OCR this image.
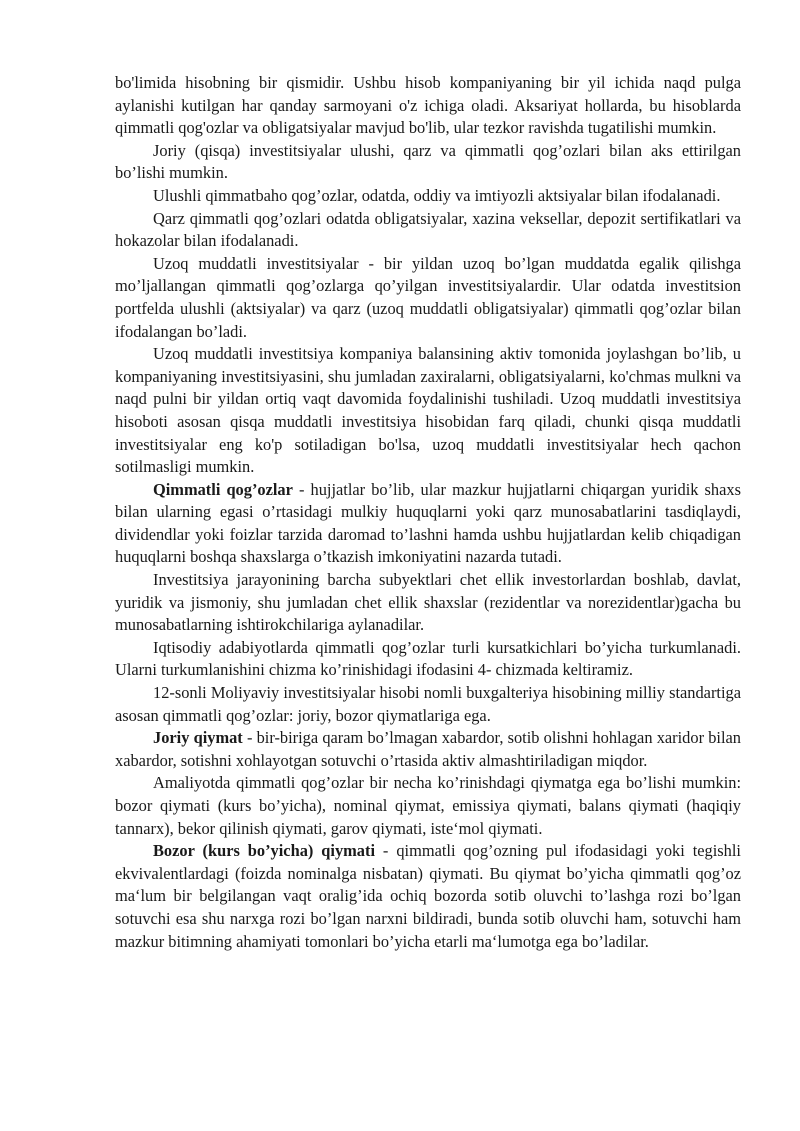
bo'limida hisobning bir qismidir. Ushbu hisob kompaniyaning bir yil ichida naqd pulga aylanishi kutilgan har qanday sarmoyani o'z ichiga oladi. Aksariyat hollarda, bu hisoblarda qimmatli qog'ozlar va obligatsiyalar mavjud bo'lib, ular tezkor ravishda tugatilishi mumkin.

Joriy (qisqa) investitsiyalar ulushi, qarz va qimmatli qog’ozlari bilan aks ettirilgan bo’lishi mumkin.

Ulushli qimmatbaho qog’ozlar, odatda, oddiy va imtiyozli aktsiyalar bilan ifodalanadi.

Qarz qimmatli qog’ozlari odatda obligatsiyalar, xazina veksellar, depozit sertifikatlari va hokazolar bilan ifodalanadi.

Uzoq muddatli investitsiyalar - bir yildan uzoq bo’lgan muddatda egalik qilishga mo’ljallangan qimmatli qog’ozlarga qo’yilgan investitsiyalardir. Ular odatda investitsion portfelda ulushli (aktsiyalar) va qarz (uzoq muddatli obligatsiyalar) qimmatli qog’ozlar bilan ifodalangan bo’ladi.

Uzoq muddatli investitsiya kompaniya balansining aktiv tomonida joylashgan bo’lib, u kompaniyaning investitsiyasini, shu jumladan zaxiralarni, obligatsiyalarni, ko'chmas mulkni va naqd pulni bir yildan ortiq vaqt davomida foydalinishi tushiladi. Uzoq muddatli investitsiya hisoboti asosan qisqa muddatli investitsiya hisobidan farq qiladi, chunki qisqa muddatli investitsiyalar eng ko'p sotiladigan bo'lsa, uzoq muddatli investitsiyalar hech qachon sotilmasligi mumkin.

Qimmatli qog’ozlar - hujjatlar bo’lib, ular mazkur hujjatlarni chiqargan yuridik shaxs bilan ularning egasi o’rtasidagi mulkiy huquqlarni yoki qarz munosabatlarini tasdiqlaydi, dividendlar yoki foizlar tarzida daromad to’lashni hamda ushbu hujjatlardan kelib chiqadigan huquqlarni boshqa shaxslarga o’tkazish imkoniyatini nazarda tutadi.

Investitsiya jarayonining barcha subyektlari chet ellik investorlardan boshlab, davlat, yuridik va jismoniy, shu jumladan chet ellik shaxslar (rezidentlar va norezidentlar)gacha bu munosabatlarning ishtirokchilariga aylanadilar.

Iqtisodiy adabiyotlarda qimmatli qog’ozlar turli kursatkichlari bo’yicha turkumlanadi. Ularni turkumlanishini chizma ko’rinishidagi ifodasini 4- chizmada keltiramiz.

12-sonli Moliyaviy investitsiyalar hisobi nomli buxgalteriya hisobining milliy standartiga asosan qimmatli qog’ozlar: joriy, bozor qiymatlariga ega.

Joriy qiymat - bir-biriga qaram bo’lmagan xabardor, sotib olishni hohlagan xaridor bilan xabardor, sotishni xohlayotgan sotuvchi o’rtasida aktiv almashtiriladigan miqdor.

Amaliyotda qimmatli qog’ozlar bir necha ko’rinishdagi qiymatga ega bo’lishi mumkin: bozor qiymati (kurs bo’yicha), nominal qiymat, emissiya qiymati, balans qiymati (haqiqiy tannarx), bekor qilinish qiymati, garov qiymati, iste‘mol qiymati.

Bozor (kurs bo’yicha) qiymati - qimmatli qog’ozning pul ifodasidagi yoki tegishli ekvivalentlardagi (foizda nominalga nisbatan) qiymati. Bu qiymat bo’yicha qimmatli qog’oz ma‘lum bir belgilangan vaqt oralig’ida ochiq bozorda sotib oluvchi to’lashga rozi bo’lgan sotuvchi esa shu narxga rozi bo’lgan narxni bildiradi, bunda sotib oluvchi ham, sotuvchi ham mazkur bitimning ahamiyati tomonlari bo’yicha etarli ma‘lumotga ega bo’ladilar.
